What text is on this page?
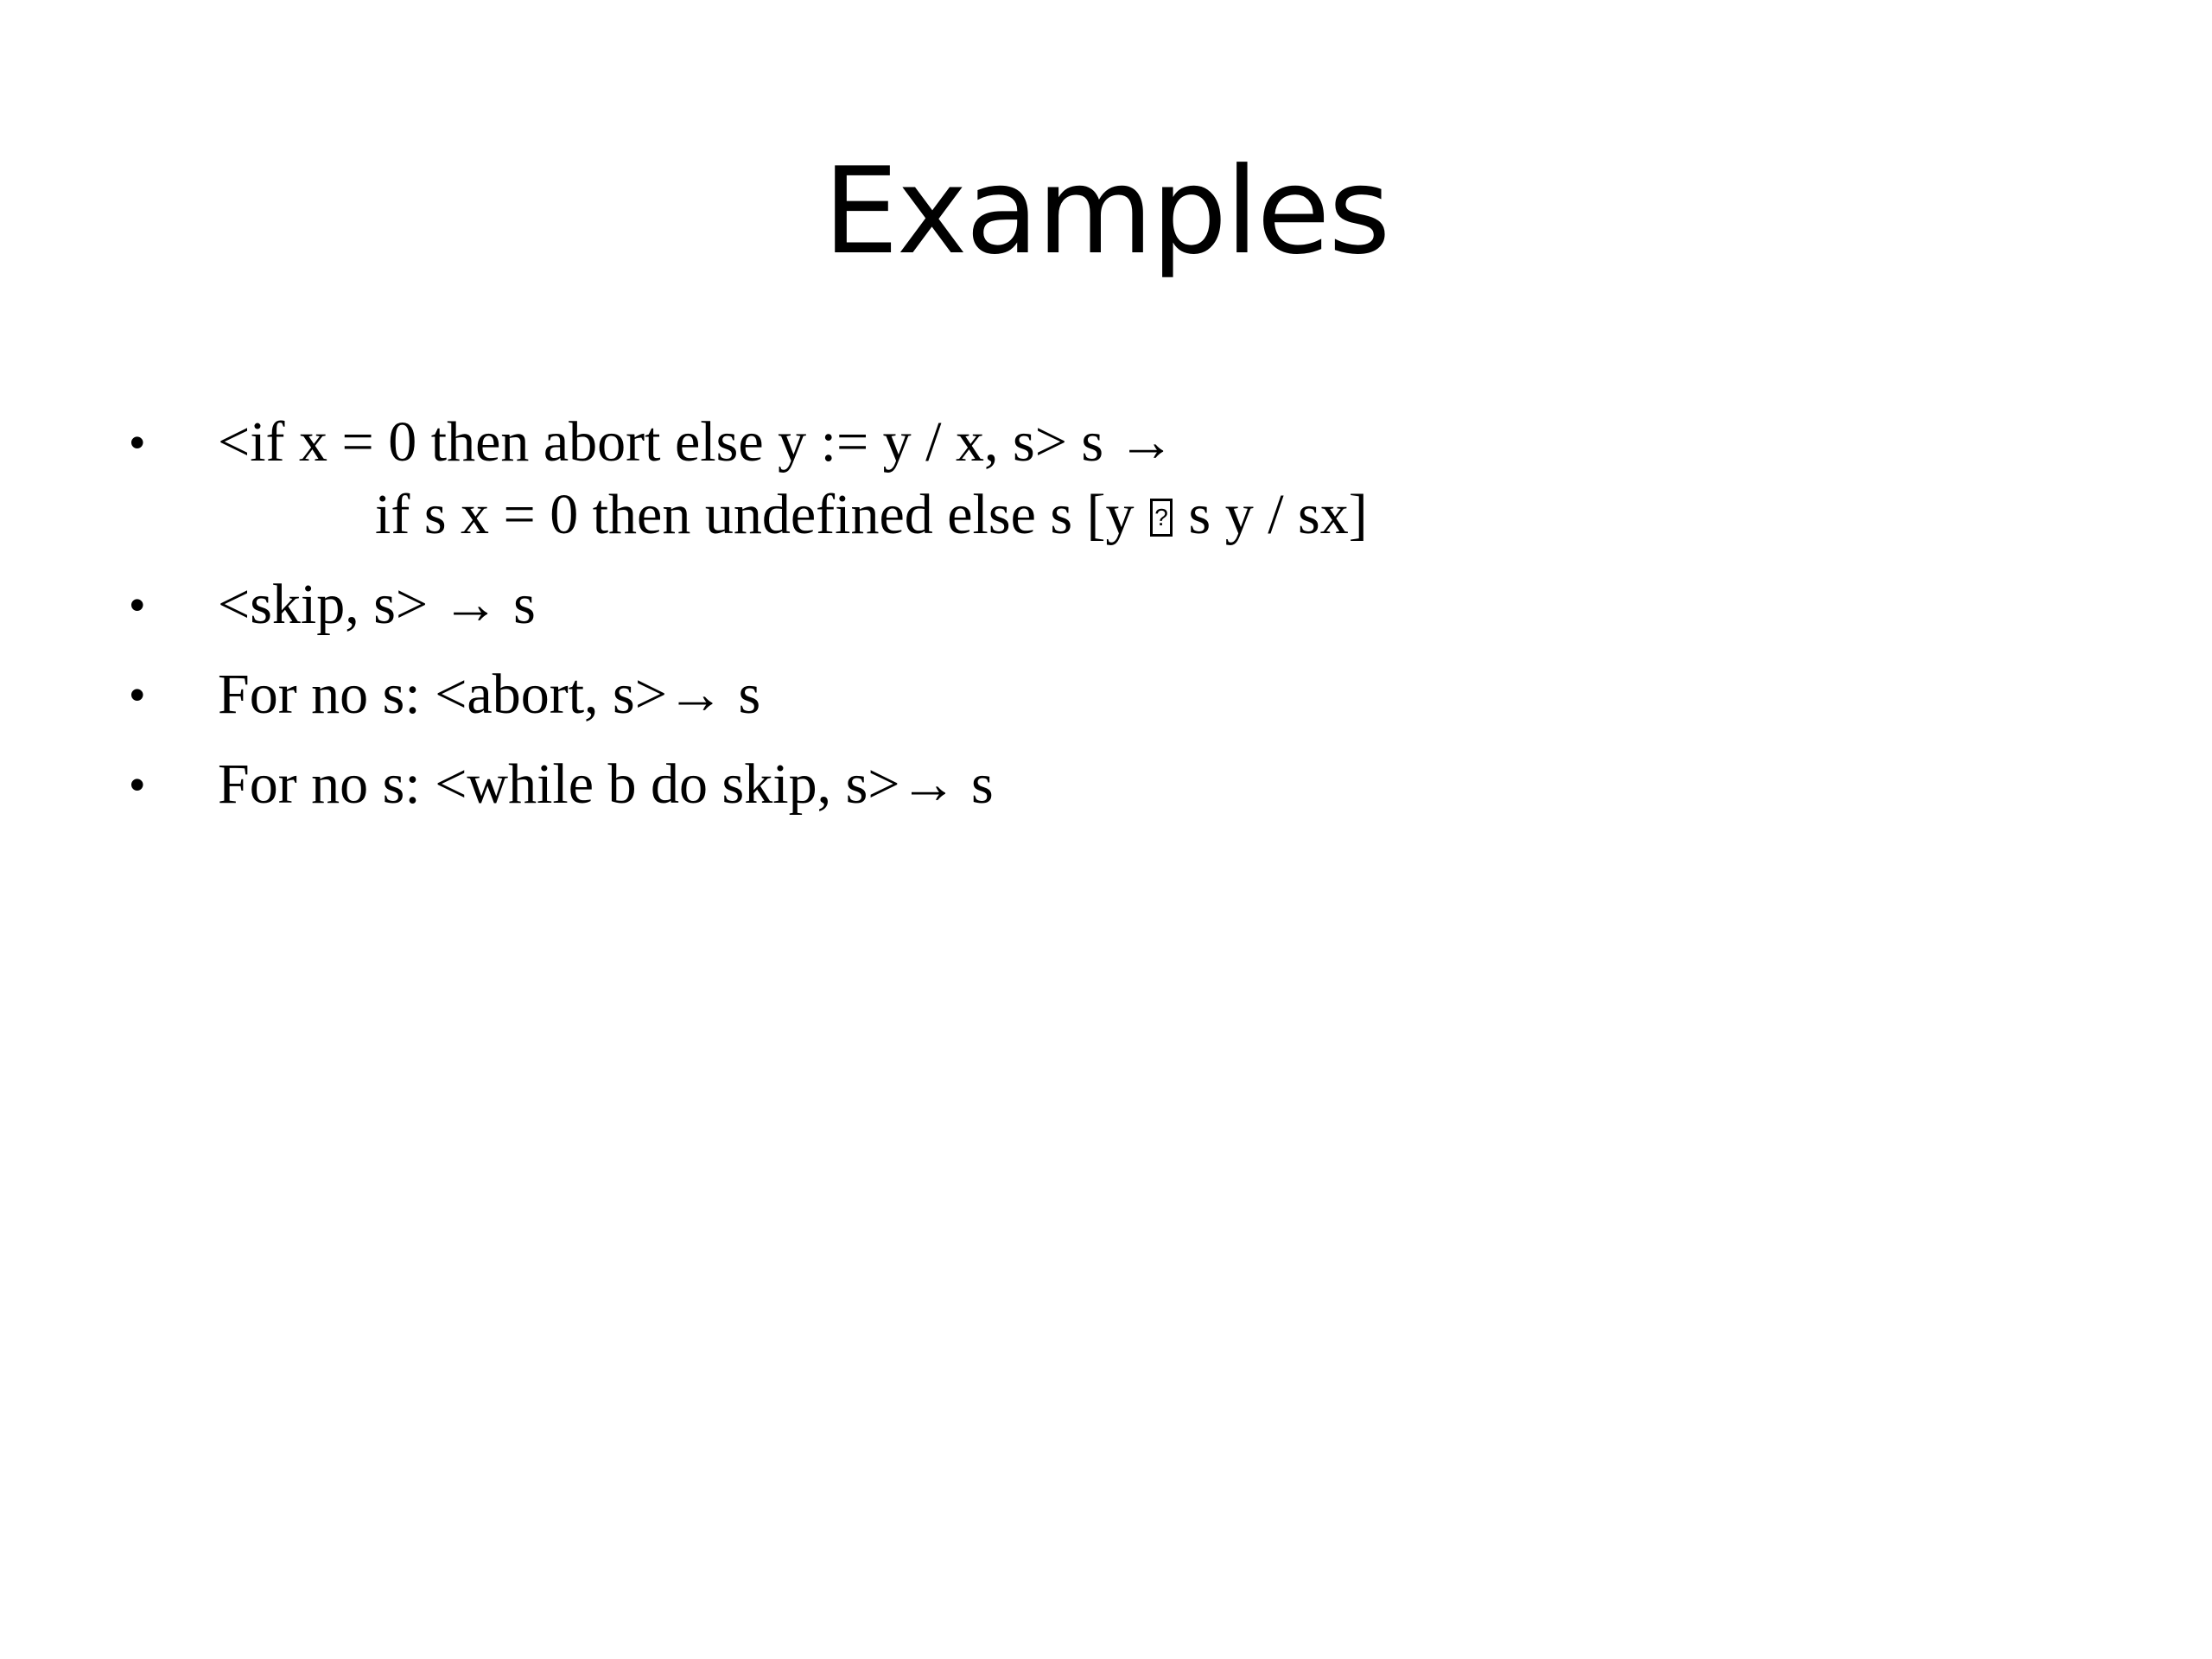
Examples
•	<if x = 0 then abort else y := y / x, s> s →
if s x = 0 then undefined else s [y  ? s y / sx]
•	<skip, s> → s
•	For no s: <abort, s>→ s
•	For no s: <while b do skip, s>→ s
